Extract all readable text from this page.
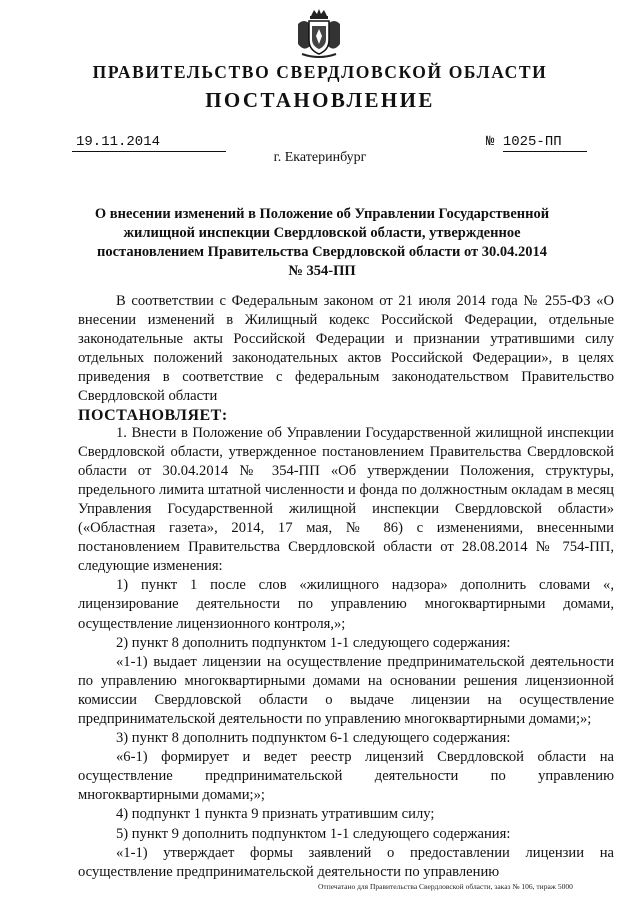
ПРАВИТЕЛЬСТВО СВЕРДЛОВСКОЙ ОБЛАСТИ
ПОСТАНОВЛЕНИЕ
19.11.2014	№ 1025-ПП
г. Екатеринбург
О внесении изменений в Положение об Управлении Государственной жилищной инспекции Свердловской области, утвержденное постановлением Правительства Свердловской области от 30.04.2014 № 354-ПП

В соответствии с Федеральным законом от 21 июля 2014 года № 255-ФЗ «О внесении изменений в Жилищный кодекс Российской Федерации, отдельные законодательные акты Российской Федерации и признании утратившими силу отдельных положений законодательных актов Российской Федерации», в целях приведения в соответствие с федеральным законодательством Правительство Свердловской области

ПОСТАНОВЛЯЕТ:

1. Внести в Положение об Управлении Государственной жилищной инспекции Свердловской области, утвержденное постановлением Правительства Свердловской области от 30.04.2014 № 354-ПП «Об утверждении Положения, структуры, предельного лимита штатной численности и фонда по должностным окладам в месяц Управления Государственной жилищной инспекции Свердловской области» («Областная газета», 2014, 17 мая, № 86) с изменениями, внесенными постановлением Правительства Свердловской области от 28.08.2014 № 754-ПП, следующие изменения:

1) пункт 1 после слов «жилищного надзора» дополнить словами «, лицензирование деятельности по управлению многоквартирными домами, осуществление лицензионного контроля,»;

2) пункт 8 дополнить подпунктом 1-1 следующего содержания:

«1-1) выдает лицензии на осуществление предпринимательской деятельности по управлению многоквартирными домами на основании решения лицензионной комиссии Свердловской области о выдаче лицензии на осуществление предпринимательской деятельности по управлению многоквартирными домами;»;

3) пункт 8 дополнить подпунктом 6-1 следующего содержания:

«6-1) формирует и ведет реестр лицензий Свердловской области на осуществление предпринимательской деятельности по управлению многоквартирными домами;»;

4) подпункт 1 пункта 9 признать утратившим силу;

5) пункт 9 дополнить подпунктом 1-1 следующего содержания:

«1-1) утверждает формы заявлений о предоставлении лицензии на осуществление предпринимательской деятельности по управлению

Отпечатано для Правительства Свердловской области, заказ № 106, тираж 5000
